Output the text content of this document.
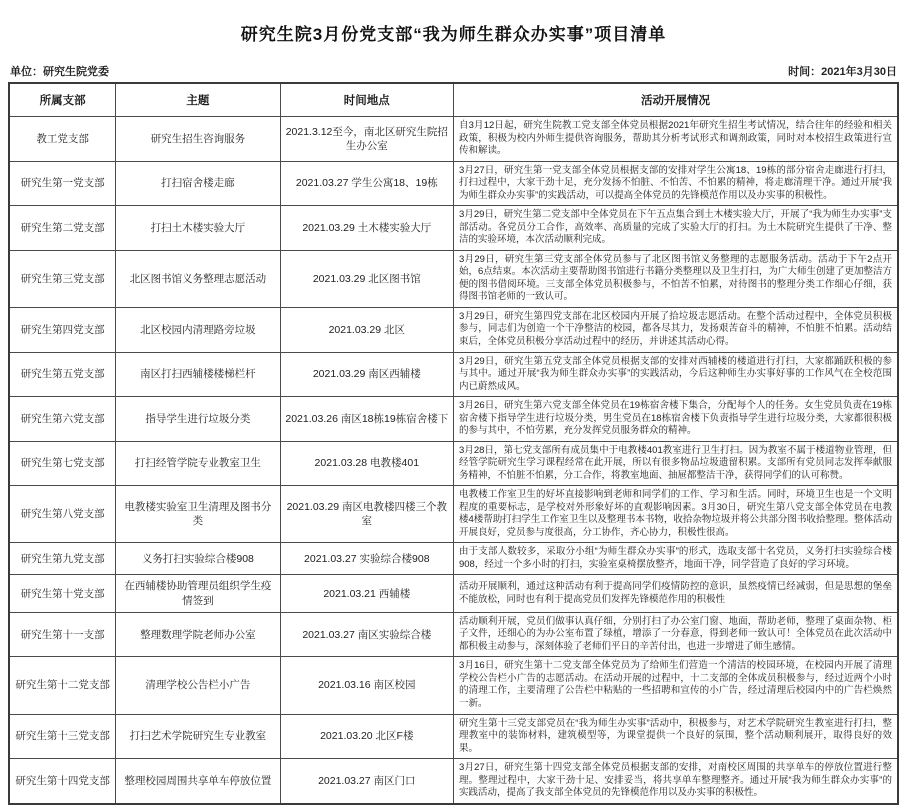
研究生院3月份党支部“我为师生群众办实事”项目清单
单位：研究生院党委	时间：2021年3月30日
所属支部	主题	时间地点	活动开展情况
教工党支部	研究生招生咨询服务	2021.3.12至今，南北区研究生院招生办公室	自3月12日起，研究生院教工党支部全体党员根据2021年研究生招生考试情况，结合往年的经验和相关政策，积极为校内外师生提供咨询服务，帮助其分析考试形式和调剂政策，同时对本校招生政策进行宣传和解读。
研究生第一党支部	打扫宿舍楼走廊	2021.03.27 学生公寓18、19栋	3月27日，研究生第一党支部全体党员根据支部的安排对学生公寓18、19栋的部分宿舍走廊进行打扫，打扫过程中，大家干劲十足，充分发扬不怕脏、不怕苦、不怕累的精神，将走廊清理干净。通过开展“我为师生群众办实事”的实践活动，可以提高全体党员的先锋模范作用以及办实事的积极性。
研究生第二党支部	打扫土木楼实验大厅	2021.03.29 土木楼实验大厅	3月29日，研究生第二党支部中全体党员在下午五点集合到土木楼实验大厅，开展了“我为师生办实事”支部活动。各党员分工合作，高效率、高质量的完成了实验大厅的打扫。为土木院研究生提供了干净、整洁的实验环境，本次活动顺利完成。
研究生第三党支部	北区图书馆义务整理志愿活动	2021.03.29 北区图书馆	3月29日，研究生第三党支部全体党员参与了北区图书馆义务整理的志愿服务活动。活动于下午2点开始，6点结束。本次活动主要帮助图书馆进行书籍分类整理以及卫生打扫，为广大师生创建了更加整洁方便的图书借阅环境。三支部全体党员积极参与，不怕苦不怕累，对待图书的整理分类工作细心仔细，获得图书馆老师的一致认可。
研究生第四党支部	北区校园内清理路旁垃圾	2021.03.29 北区	3月29日，研究生第四党支部在北区校园内开展了拾垃圾志愿活动。在整个活动过程中，全体党员积极参与，同志们为创造一个干净整洁的校园，都各尽其力，发扬艰苦奋斗的精神，不怕脏不怕累。活动结束后，全体党员积极分享活动过程中的经历，并讲述其活动心得。
研究生第五党支部	南区打扫西辅楼楼梯栏杆	2021.03.29 南区西辅楼	3月29日，研究生第五党支部全体党员根据支部的安排对西辅楼的楼道进行打扫，大家都踊跃积极的参与其中。通过开展“我为师生群众办实事”的实践活动，今后这种师生办实事好事的工作风气在全校范围内已蔚然成风。
研究生第六党支部	指导学生进行垃圾分类	2021.03.26 南区18栋19栋宿舍楼下	3月26日，研究生第六党支部全体党员在19栋宿舍楼下集合，分配每个人的任务。女生党员负责在19栋宿舍楼下指导学生进行垃圾分类，男生党员在18栋宿舍楼下负责指导学生进行垃圾分类，大家都很积极的参与其中，不怕劳累，充分发挥党员服务群众的精神。
研究生第七党支部	打扫经管学院专业教室卫生	2021.03.28 电教楼401	3月28日，第七党支部所有成员集中于电教楼401教室进行卫生打扫。因为教室不属于楼道物业管理，但经管学院研究生学习课程经常在此开展，所以有很多物品垃圾遗留积累。支部所有党员同志发挥奉献服务精神，不怕脏不怕累，分工合作，将教室地面、抽屉都整洁干净，获得同学们的认可称赞。
研究生第八党支部	电教楼实验室卫生清理及图书分类	2021.03.29 南区电教楼四楼三个教室	电教楼工作室卫生的好坏直接影响到老师和同学们的工作、学习和生活。同时，环境卫生也是一个文明程度的重要标志，是学校对外形象好坏的直观影响因素。3月30日，研究生第八党支部全体党员在电教楼4楼帮助打扫学生工作室卫生以及整理书本书物，收拾杂物垃圾并将公共部分图书收拾整理。整体活动开展良好，党员参与度很高，分工协作，齐心协力，积极性很高。
研究生第九党支部	义务打扫实验综合楼908	2021.03.27 实验综合楼908	由于支部人数较多，采取分小组“为师生群众办实事”的形式，选取支部十名党员，义务打扫实验综合楼908，经过一个多小时的打扫，实验室桌椅摆放整齐，地面干净，同学营造了良好的学习环境。
研究生第十党支部	在西辅楼协助管理员组织学生疫情签到	2021.03.21 西辅楼	活动开展顺利，通过这种活动有利于提高同学们疫情防控的意识，虽然疫情已经减弱，但是思想的堡垒不能放松，同时也有利于提高党员们发挥先锋模范作用的积极性
研究生第十一支部	整理数理学院老师办公室	2021.03.27 南区实验综合楼	活动顺利开展，党员们做事认真仔细，分别打扫了办公室门窗、地面，帮助老师，整理了桌面杂物、柜子文件，还细心的为办公室布置了绿植，增添了一分春意，得到老师一致认可！全体党员在此次活动中都积极主动参与，深刻体验了老师们平日的辛苦付出，也进一步增进了师生感情。
研究生第十二党支部	清理学校公告栏小广告	2021.03.16 南区校园	3月16日，研究生第十二党支部全体党员为了给师生们营造一个清洁的校园环境，在校园内开展了清理学校公告栏小广告的志愿活动。在活动开展的过程中，十二支部的全体成员积极参与，经过近两个小时的清理工作，主要清理了公告栏中粘贴的一些招聘和宣传的小广告，经过清理后校园内中的广告栏焕然一新。
研究生第十三党支部	打扫艺术学院研究生专业教室	2021.03.20 北区F楼	研究生第十三党支部党员在“我为师生办实事”活动中，积极参与，对艺术学院研究生教室进行打扫，整理教室中的装饰材料，建筑模型等，为课堂提供一个良好的氛围，整个活动顺利展开，取得良好的效果。
研究生第十四党支部	整理校园周围共享单车停放位置	2021.03.27 南区门口	3月27日，研究生第十四党支部全体党员根据支部的安排，对南校区周围的共享单车的停放位置进行整理。整理过程中，大家干劲十足、安排妥当，将共享单车整理整齐。通过开展“我为师生群众办实事”的实践活动，提高了我支部全体党员的先锋模范作用以及办实事的积极性。
